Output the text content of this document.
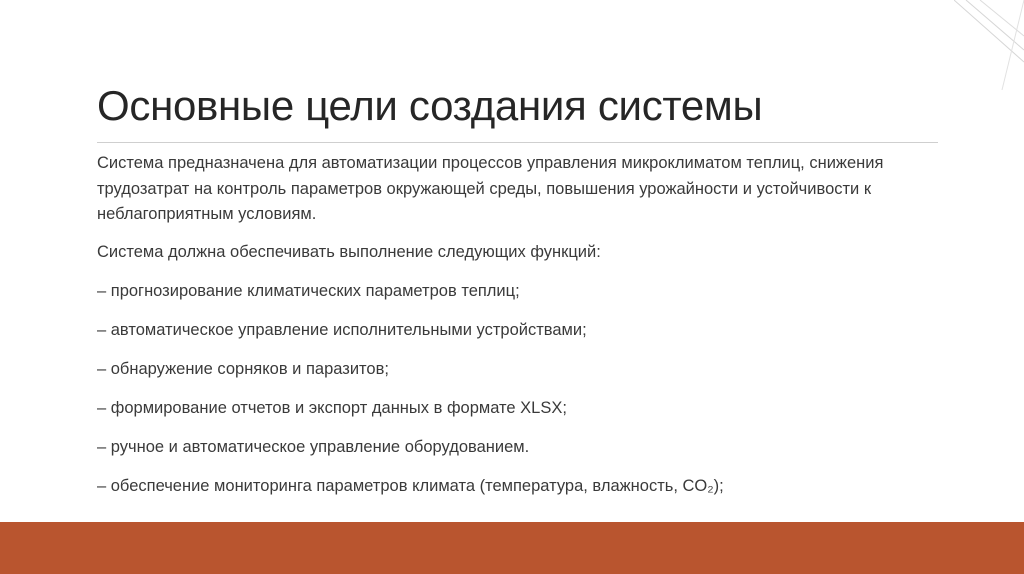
Основные цели создания системы

Система предназначена для автоматизации процессов управления микроклиматом теплиц, снижения трудозатрат на контроль параметров окружающей среды, повышения урожайности и устойчивости к неблагоприятным условиям.

Система должна обеспечивать выполнение следующих функций:

– прогнозирование климатических параметров теплиц;
– автоматическое управление исполнительными устройствами;
– обнаружение сорняков и паразитов;
– формирование отчетов и экспорт данных в формате XLSX;
– ручное и автоматическое управление оборудованием.
– обеспечение мониторинга параметров климата (температура, влажность, CO₂);
